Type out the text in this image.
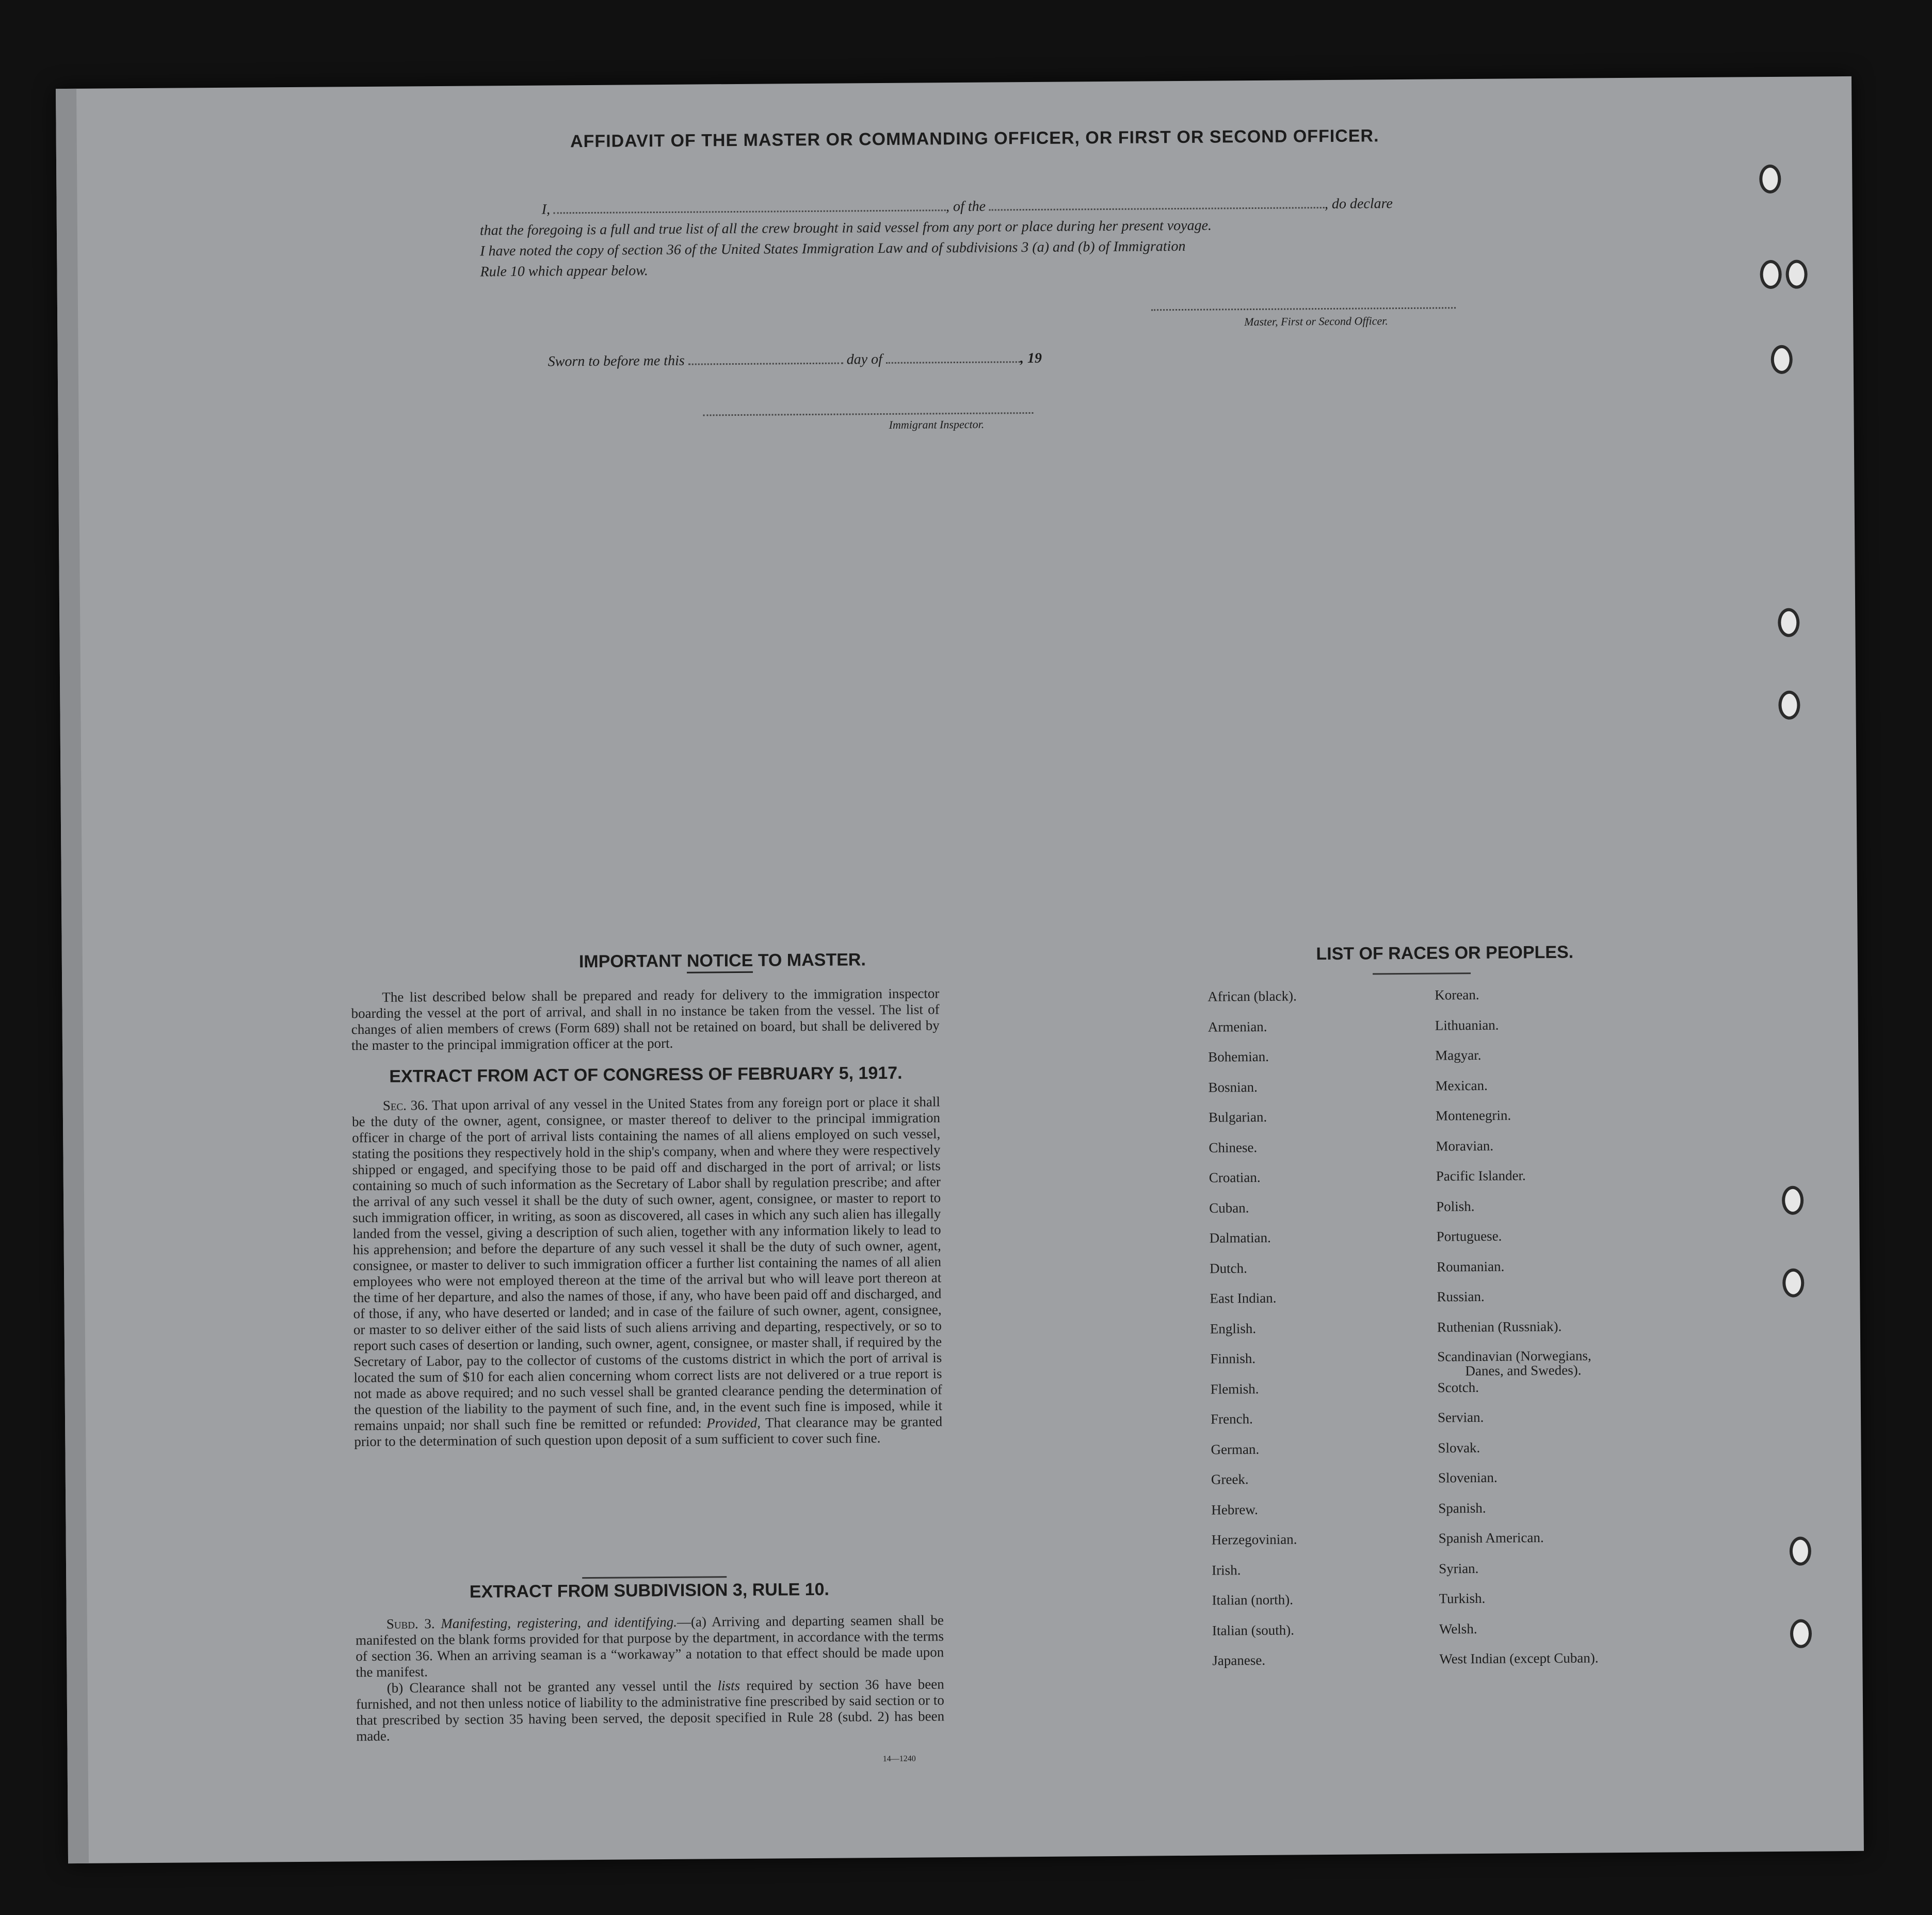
AFFIDAVIT OF THE MASTER OR COMMANDING OFFICER, OR FIRST OR SECOND OFFICER.
I,	, of the	, do declare
that the foregoing is a full and true list of all the crew brought in said vessel from any port or place during her present voyage.
I have noted the copy of section 36 of the United States Immigration Law and of subdivisions 3 (a) and (b) of Immigration
Rule 10 which appear below.
Master, First or Second Officer.
Sworn to before me this	day of	, 19
Immigrant Inspector.
IMPORTANT NOTICE TO MASTER.

The list described below shall be prepared and ready for delivery to the immigration inspector boarding the vessel at the port of arrival, and shall in no instance be taken from the vessel. The list of changes of alien members of crews (Form 689) shall not be retained on board, but shall be delivered by the master to the principal immigration officer at the port.

EXTRACT FROM ACT OF CONGRESS OF FEBRUARY 5, 1917.

Sec. 36. That upon arrival of any vessel in the United States from any foreign port or place it shall be the duty of the owner, agent, consignee, or master thereof to deliver to the principal immigration officer in charge of the port of arrival lists containing the names of all aliens employed on such vessel, stating the positions they respectively hold in the ship's company, when and where they were respectively shipped or engaged, and specifying those to be paid off and discharged in the port of arrival; or lists containing so much of such information as the Secretary of Labor shall by regulation prescribe; and after the arrival of any such vessel it shall be the duty of such owner, agent, consignee, or master to report to such immigration officer, in writing, as soon as discovered, all cases in which any such alien has illegally landed from the vessel, giving a description of such alien, together with any information likely to lead to his apprehension; and before the departure of any such vessel it shall be the duty of such owner, agent, consignee, or master to deliver to such immigration officer a further list containing the names of all alien employees who were not employed thereon at the time of the arrival but who will leave port thereon at the time of her departure, and also the names of those, if any, who have been paid off and discharged, and of those, if any, who have deserted or landed; and in case of the failure of such owner, agent, consignee, or master to so deliver either of the said lists of such aliens arriving and departing, respectively, or so to report such cases of desertion or landing, such owner, agent, consignee, or master shall, if required by the Secretary of Labor, pay to the collector of customs of the customs district in which the port of arrival is located the sum of $10 for each alien concerning whom correct lists are not delivered or a true report is not made as above required; and no such vessel shall be granted clearance pending the determination of the question of the liability to the payment of such fine, and, in the event such fine is imposed, while it remains unpaid; nor shall such fine be remitted or refunded: Provided, That clearance may be granted prior to the determination of such question upon deposit of a sum sufficient to cover such fine.

EXTRACT FROM SUBDIVISION 3, RULE 10.

Subd. 3. Manifesting, registering, and identifying.—(a) Arriving and departing seamen shall be manifested on the blank forms provided for that purpose by the department, in accordance with the terms of section 36. When an arriving seaman is a “workaway” a notation to that effect should be made upon the manifest.

(b) Clearance shall not be granted any vessel until the lists required by section 36 have been furnished, and not then unless notice of liability to the administrative fine prescribed by said section or to that prescribed by section 35 having been served, the deposit specified in Rule 28 (subd. 2) has been made.

14—1240
LIST OF RACES OR PEOPLES.
African (black).
Armenian.
Bohemian.
Bosnian.
Bulgarian.
Chinese.
Croatian.
Cuban.
Dalmatian.
Dutch.
East Indian.
English.
Finnish.
Flemish.
French.
German.
Greek.
Hebrew.
Herzegovinian.
Irish.
Italian (north).
Italian (south).
Japanese.
Korean.
Lithuanian.
Magyar.
Mexican.
Montenegrin.
Moravian.
Pacific Islander.
Polish.
Portuguese.
Roumanian.
Russian.
Ruthenian (Russniak).
Scandinavian (Norwegians,
Danes, and Swedes).
Scotch.
Servian.
Slovak.
Slovenian.
Spanish.
Spanish American.
Syrian.
Turkish.
Welsh.
West Indian (except Cuban).
